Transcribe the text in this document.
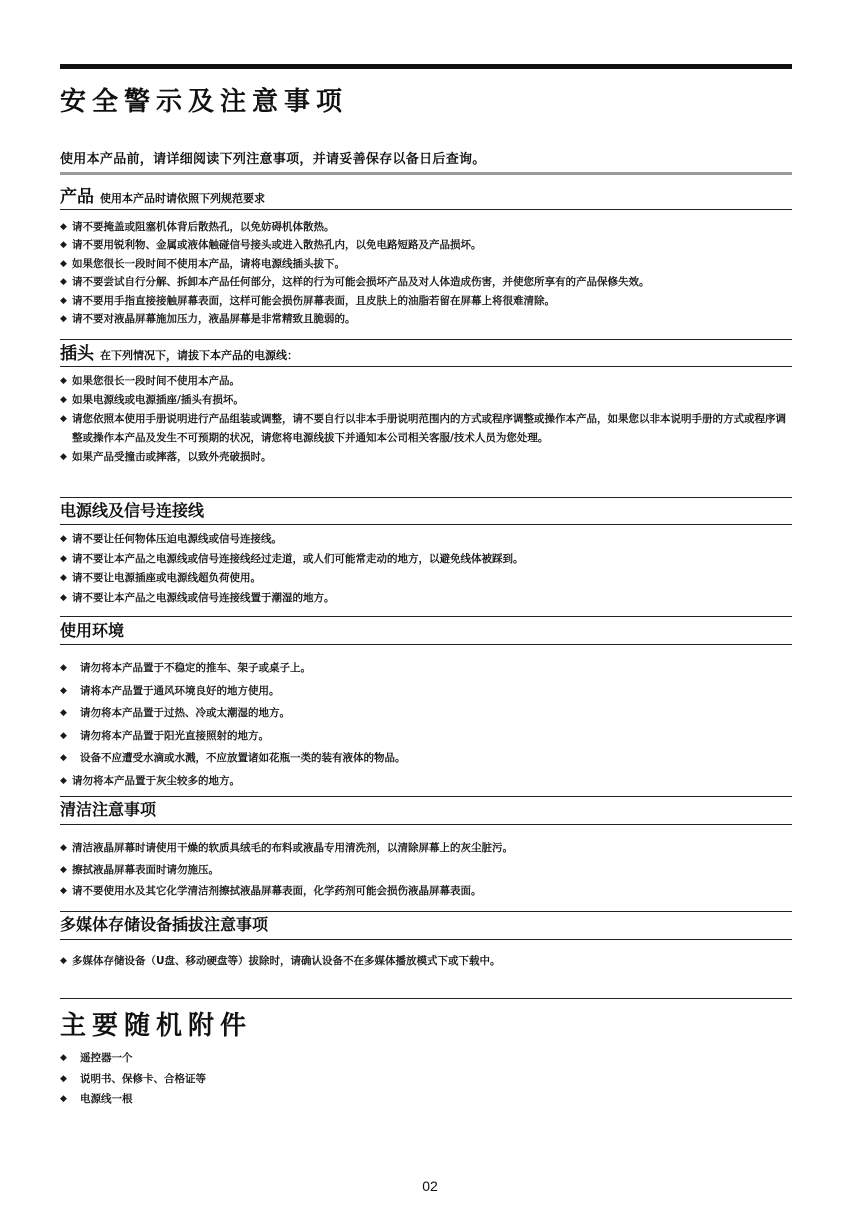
安全警示及注意事项
使用本产品前，请详细阅读下列注意事项，并请妥善保存以备日后查询。
产品 使用本产品时请依照下列规范要求
◆ 请不要掩盖或阻塞机体背后散热孔，以免妨碍机体散热。
◆ 请不要用锐利物、金属或液体触碰信号接头或进入散热孔内，以免电路短路及产品损坏。
◆ 如果您很长一段时间不使用本产品，请将电源线插头拔下。
◆ 请不要尝试自行分解、拆卸本产品任何部分，这样的行为可能会损坏产品及对人体造成伤害，并使您所享有的产品保修失效。
◆ 请不要用手指直接接触屏幕表面，这样可能会损伤屏幕表面，且皮肤上的油脂若留在屏幕上将很难清除。
◆ 请不要对液晶屏幕施加压力，液晶屏幕是非常精致且脆弱的。
插头 在下列情况下，请拔下本产品的电源线：
◆ 如果您很长一段时间不使用本产品。
◆ 如果电源线或电源插座/插头有损坏。
◆ 请您依照本使用手册说明进行产品组装或调整，请不要自行以非本手册说明范围内的方式或程序调整或操作本产品，如果您以非本说明手册的方式或程序调整或操作本产品及发生不可预期的状况，请您将电源线拔下并通知本公司相关客服/技术人员为您处理。
◆ 如果产品受撞击或摔落，以致外壳破损时。
电源线及信号连接线
◆ 请不要让任何物体压迫电源线或信号连接线。
◆ 请不要让本产品之电源线或信号连接线经过走道，或人们可能常走动的地方，以避免线体被踩到。
◆ 请不要让电源插座或电源线超负荷使用。
◆ 请不要让本产品之电源线或信号连接线置于潮湿的地方。
使用环境
◆ 请勿将本产品置于不稳定的推车、架子或桌子上。
◆ 请将本产品置于通风环境良好的地方使用。
◆ 请勿将本产品置于过热、冷或太潮湿的地方。
◆ 请勿将本产品置于阳光直接照射的地方。
◆ 设备不应遭受水滴或水溅，不应放置诸如花瓶一类的装有液体的物品。
◆ 请勿将本产品置于灰尘较多的地方。
清洁注意事项
◆ 清洁液晶屏幕时请使用干燥的软质具绒毛的布料或液晶专用清洗剂，以清除屏幕上的灰尘脏污。
◆ 擦拭液晶屏幕表面时请勿施压。
◆ 请不要使用水及其它化学清洁剂擦拭液晶屏幕表面，化学药剂可能会损伤液晶屏幕表面。
多媒体存储设备插拔注意事项
◆ 多媒体存储设备（U盘、移动硬盘等）拔除时，请确认设备不在多媒体播放模式下或下载中。
主要随机附件
◆ 遥控器一个
◆ 说明书、保修卡、合格证等
◆ 电源线一根
02
